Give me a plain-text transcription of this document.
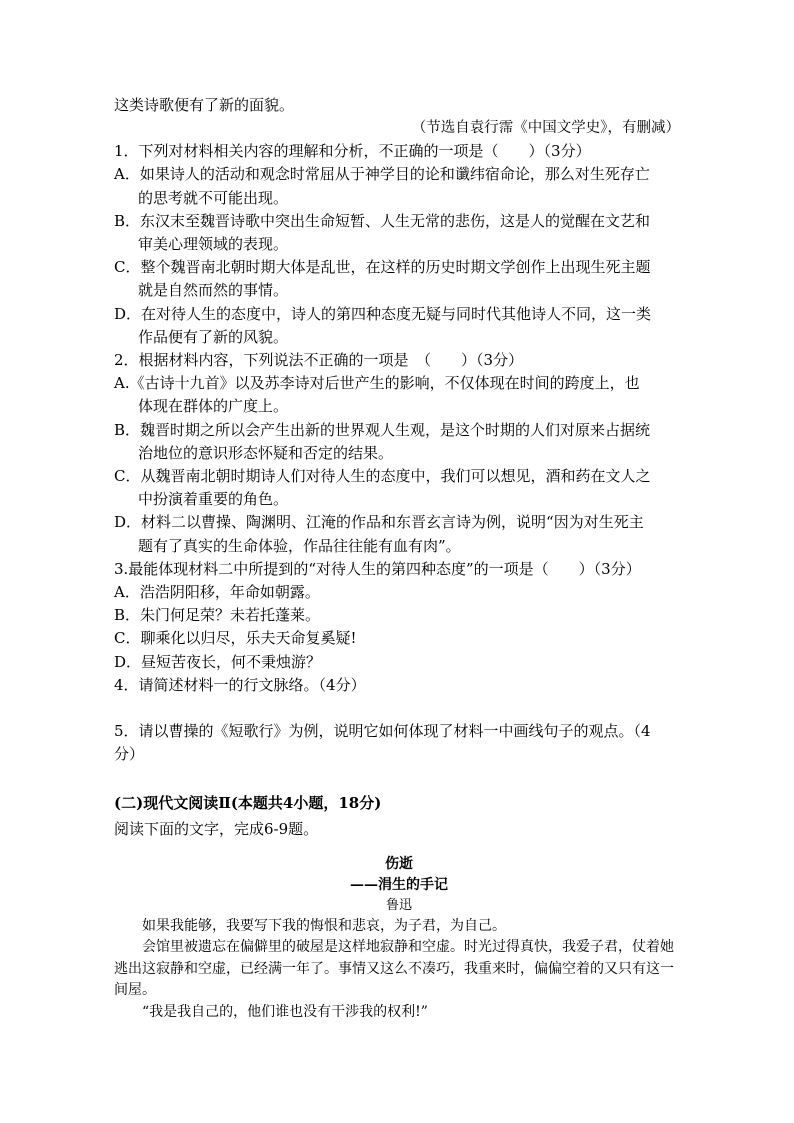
这类诗歌便有了新的面貌。
（节选自袁行霈《中国文学史》，有删减）
1．下列对材料相关内容的理解和分析，不正确的一项是（　　）（3分）
A．如果诗人的活动和观念时常屈从于神学目的论和谶纬宿命论，那么对生死存亡
的思考就不可能出现。
B．东汉末至魏晋诗歌中突出生命短暂、人生无常的悲伤，这是人的觉醒在文艺和
审美心理领域的表现。
C．整个魏晋南北朝时期大体是乱世，在这样的历史时期文学创作上出现生死主题
就是自然而然的事情。
D．在对待人生的态度中，诗人的第四种态度无疑与同时代其他诗人不同，这一类
作品便有了新的风貌。
2．根据材料内容，下列说法不正确的一项是　（　　）（3分）
A.《古诗十九首》以及苏李诗对后世产生的影响，不仅体现在时间的跨度上，也
体现在群体的广度上。
B．魏晋时期之所以会产生出新的世界观人生观，是这个时期的人们对原来占据统
治地位的意识形态怀疑和否定的结果。
C．从魏晋南北朝时期诗人们对待人生的态度中，我们可以想见，酒和药在文人之
中扮演着重要的角色。
D．材料二以曹操、陶渊明、江淹的作品和东晋玄言诗为例，说明“因为对生死主
题有了真实的生命体验，作品往往能有血有肉”。
3.最能体现材料二中所提到的“对待人生的第四种态度”的一项是（　　）（3分）
A．浩浩阴阳移，年命如朝露。
B．朱门何足荣？未若托蓬莱。
C．聊乘化以归尽，乐夫天命复奚疑!
D．昼短苦夜长，何不秉烛游？
4．请简述材料一的行文脉络。（4分）
5．请以曹操的《短歌行》为例，说明它如何体现了材料一中画线句子的观点。（4
分）
(二)现代文阅读Ⅱ(本题共4小题，18分)
阅读下面的文字，完成6-9题。
伤逝
——涓生的手记
鲁迅

如果我能够，我要写下我的悔恨和悲哀，为子君，为自己。

会馆里被遗忘在偏僻里的破屋是这样地寂静和空虚。时光过得真快，我爱子君，仗着她逃出这寂静和空虚，已经满一年了。事情又这么不凑巧，我重来时，偏偏空着的又只有这一间屋。

“我是我自己的，他们谁也没有干涉我的权利!”
